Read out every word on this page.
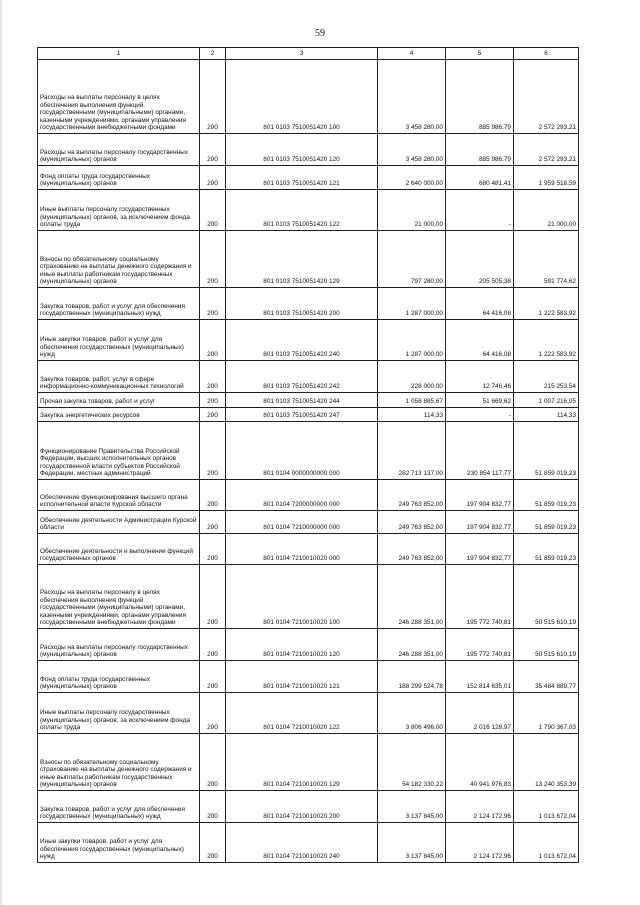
59
1	2	3	4	5	6
Расходы на выплаты персоналу в целях обеспечения выполнения функций государственными (муниципальными) органами, казенными учреждениями, органами управления государственными внебюджетными фондами	200	801 0103 7510051420 100	3 458 280,00	885 986,79	2 572 293,21
Расходы на выплаты персоналу государственных (муниципальных) органов	200	801 0103 7510051420 120	3 458 280,00	885 986,79	2 572 293,21
Фонд оплаты труда государственных (муниципальных) органов	200	801 0103 7510051420 121	2 640 000,00	680 481,41	1 959 518,59
Иные выплаты персоналу государственных (муниципальных) органов, за исключением фонда оплаты труда	200	801 0103 7510051420 122	21 000,00	-	21 000,00
Взносы по обязательному социальному страхованию на выплаты денежного содержания и иные выплаты работникам государственных (муниципальных) органов	200	801 0103 7510051420 129	797 280,00	205 505,38	591 774,62
Закупка товаров, работ и услуг для обеспечения государственных (муниципальных) нужд	200	801 0103 7510051420 200	1 287 000,00	64 416,08	1 222 583,92
Иные закупки товаров, работ и услуг для обеспечения государственных (муниципальных) нужд	200	801 0103 7510051420 240	1 287 000,00	64 416,08	1 222 583,92
Закупка товаров, работ, услуг в сфере информационно-коммуникационных технологий	200	801 0103 7510051420 242	228 000,00	12 746,46	215 253,54
Прочая закупка товаров, работ и услуг	200	801 0103 7510051420 244	1 058 885,67	51 669,62	1 007 216,05
Закупка энергетических ресурсов	200	801 0103 7510051420 247	114,33	-	114,33
Функционирование Правительства Российской Федерации, высших исполнительных органов государственной власти субъектов Российской Федерации, местных администраций	200	801 0104 0000000000 000	282 713 137,00	230 854 117,77	51 859 019,23
Обеспечение функционирования высшего органа исполнительной власти Курской области	200	801 0104 7200000000 000	249 763 852,00	197 904 832,77	51 859 019,23
Обеспечение деятельности Администрации Курской области	200	801 0104 7210000000 000	249 763 852,00	197 904 832,77	51 859 019,23
Обеспечение деятельности и выполнение функций государственных органов	200	801 0104 7210010020 000	249 763 852,00	197 904 832,77	51 859 019,23
Расходы на выплаты персоналу в целях обеспечения выполнения функций государственными (муниципальными) органами, казенными учреждениями, органами управления государственными внебюджетными фондами	200	801 0104 7210010020 100	246 288 351,00	195 772 740,81	50 515 610,19
Расходы на выплаты персоналу государственных (муниципальных) органов	200	801 0104 7210010020 120	246 288 351,00	195 772 740,81	50 515 610,19
Фонд оплаты труда государственных (муниципальных) органов	200	801 0104 7210010020 121	188 299 524,78	152 814 635,01	35 484 889,77
Иные выплаты персоналу государственных (муниципальных) органов, за исключением фонда оплаты труда	200	801 0104 7210010020 122	3 806 496,00	2 016 128,97	1 790 367,03
Взносы по обязательному социальному страхованию на выплаты денежного содержания и иные выплаты работникам государственных (муниципальных) органов	200	801 0104 7210010020 129	54 182 330,22	40 941 976,83	13 240 353,39
Закупка товаров, работ и услуг для обеспечения государственных (муниципальных) нужд	200	801 0104 7210010020 200	3 137 845,00	2 124 172,96	1 013 672,04
Иные закупки товаров, работ и услуг для обеспечения государственных (муниципальных) нужд	200	801 0104 7210010020 240	3 137 845,00	2 124 172,96	1 013 672,04
